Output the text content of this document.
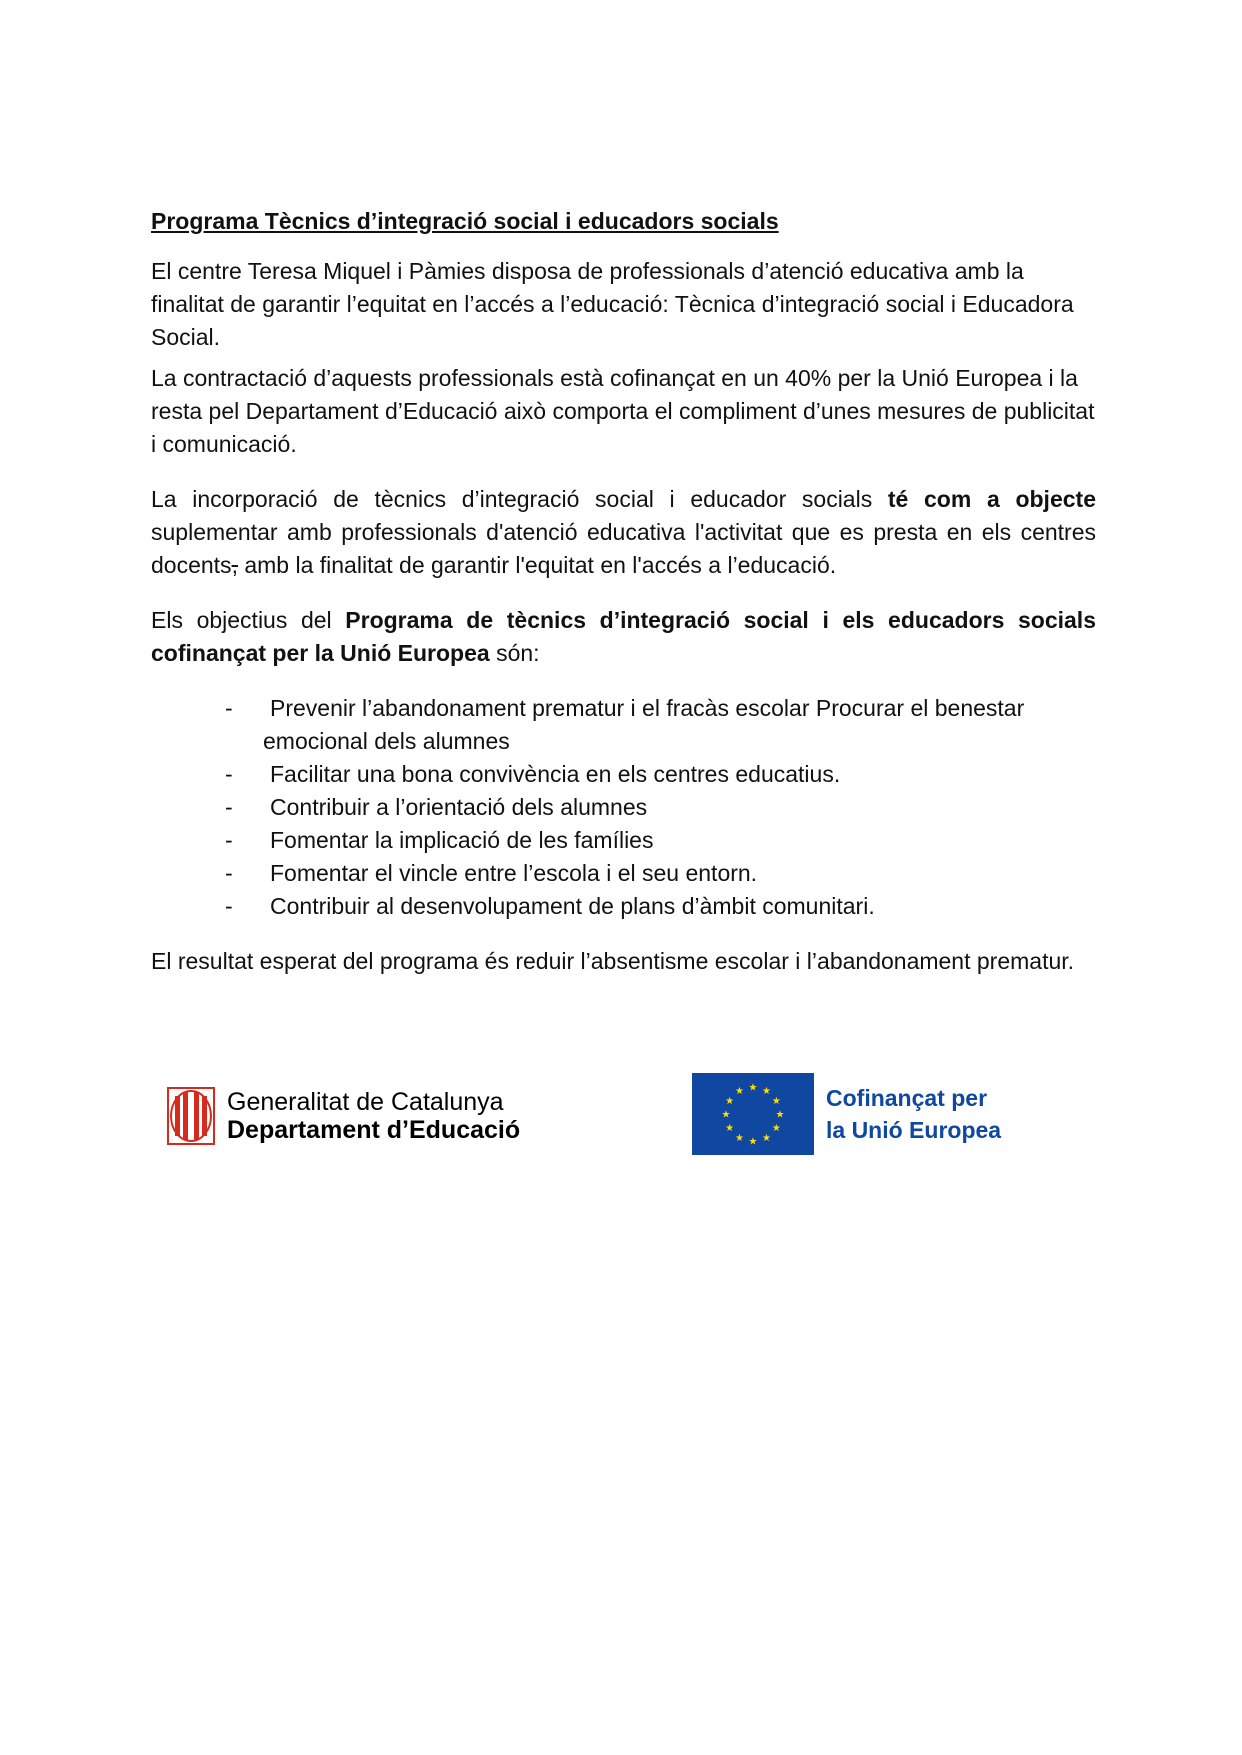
Programa Tècnics d’integració social i educadors socials

El centre Teresa Miquel i Pàmies disposa de professionals d’atenció educativa amb la finalitat de garantir l’equitat en l’accés a l’educació: Tècnica d’integració social i Educadora Social.

La contractació d’aquests professionals està cofinançat en un 40% per la Unió Europea i la resta pel Departament d’Educació això comporta el compliment d’unes mesures de publicitat i comunicació.

La incorporació de tècnics d’integració social i educador socials té com a objecte suplementar amb professionals d'atenció educativa l'activitat que es presta en els centres docents, amb la finalitat de garantir l'equitat en l'accés a l’educació.

Els objectius del Programa de tècnics d’integració social i els educadors socials cofinançat per la Unió Europea són:

- Prevenir l’abandonament prematur i el fracàs escolar Procurar el benestar emocional dels alumnes
- Facilitar una bona convivència en els centres educatius.
- Contribuir a l’orientació dels alumnes
- Fomentar la implicació de les famílies
- Fomentar el vincle entre l’escola i el seu entorn.
- Contribuir al desenvolupament de plans d’àmbit comunitari.

El resultat esperat del programa és reduir l’absentisme escolar i l’abandonament prematur.

Generalitat de Catalunya
Departament d’Educació
★ ★
★
★
★
★
★
★
★
★
★
★	Cofinançat per
la Unió Europea
